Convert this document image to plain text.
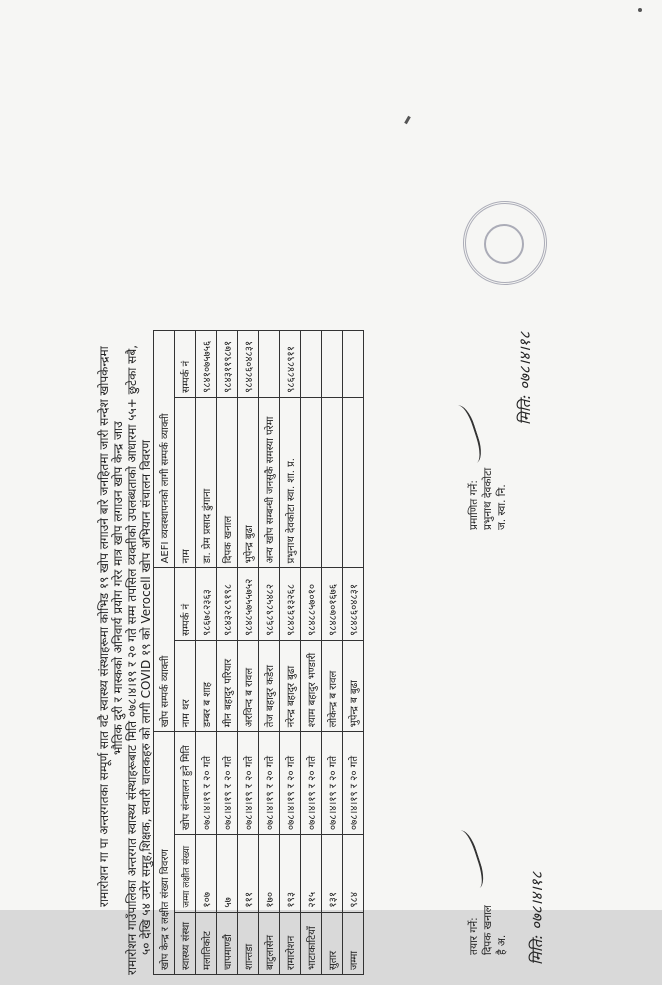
रामारोशन गा पा अन्तरगतका सम्पूर्ण सात वटै स्वास्थ्य संस्थाहरूमा कोभिड १९ खोप लगाउने बारे जनहितमा जारी सन्देश खोपकेन्द्रमा भौतिक दुरी र मास्कको अनिवार्य प्रयोग गरेर मात्र खोप लगाउन खोप केन्द्र जाउ रामारोशन गाउँपालिका अन्तरगत स्वास्थ्य संस्थाहरूबाट मिति ०७८।४।१९ र २० गते सम्म तपसिल व्यक्तीको उपलब्धताको आधारमा ५५+ छुटेका सबै, ५० देखि ५४ उमेर समुह,शिक्षक, सवारी चालकहरु को लागी COVID १९ को Verocell खोप अभियान संचालन विवरण खोप केन्द्र र लक्षीत संख्या विवरण			खोप सम्पर्क व्याक्ती		AEFI व्यवस्थापनको लागी सम्पर्क व्याक्ती	
स्वास्थ्य संस्था	जम्मा लक्षीत संख्या	खोप संन्चालन हुने मिति	नाम थर	सम्पर्क नं	नाम	सम्पर्क नं
मलातिकोट	१०७	०७८।४।१९ र २० गते	डम्बर ब शाह	९८६७८२३६३	डा. प्रेम प्रसाद ढुंगाना	९८४१०७५७५६
चापमाण्डौ	५७	०७८।४।१९ र २० गते	मीन बहादुर परियार	९८४३२८९१९८	दिपक खनाल	९८४३११९८७१
शान्तडा	१११	०७८।४।१९ र २० गते	अरविन्द ब रावल	९८४८५७५५७५२	भुपेन्द्र बुढा	९८४८६०४८३१
बाटुलासेन	१७०	०७८।४।१९ र २० गते	तेज बहादुर कडेरा	९८६८९८५४८२	अन्य खोप सम्बन्धी जनसुकै समस्या परेमा	
रामारोशन	१९३	०७८।४।१९ र २० गते	नरेन्द्र बहादुर बुढा	९८४८६१३२६८	प्रभुनाथ देवकोटा स्वा. शा. प्र.	९८६८४८९११
भाटाकाटियाँ	२१५	०७८।४।१९ र २० गते	श्याम बहादुर भण्डारी	९८४८८५७०१०		
सुतार	१३१	०७८।४।१९ र २० गते	लोकेन्द्र ब रावल	९८४८७०१६७६		
जम्मा	९८४	०७८।४।१९ र २० गते	भुपेन्द्र ब बुढा	९८४८६०४८३१		
तयार गर्ने: दिपक खनाल है अ. मिति: ०७८।४।१८
प्रमाणित गर्ने: प्रभुनाथ देवकोटा ज. स्वा. नि.
मिति: ०७८।४।१८
